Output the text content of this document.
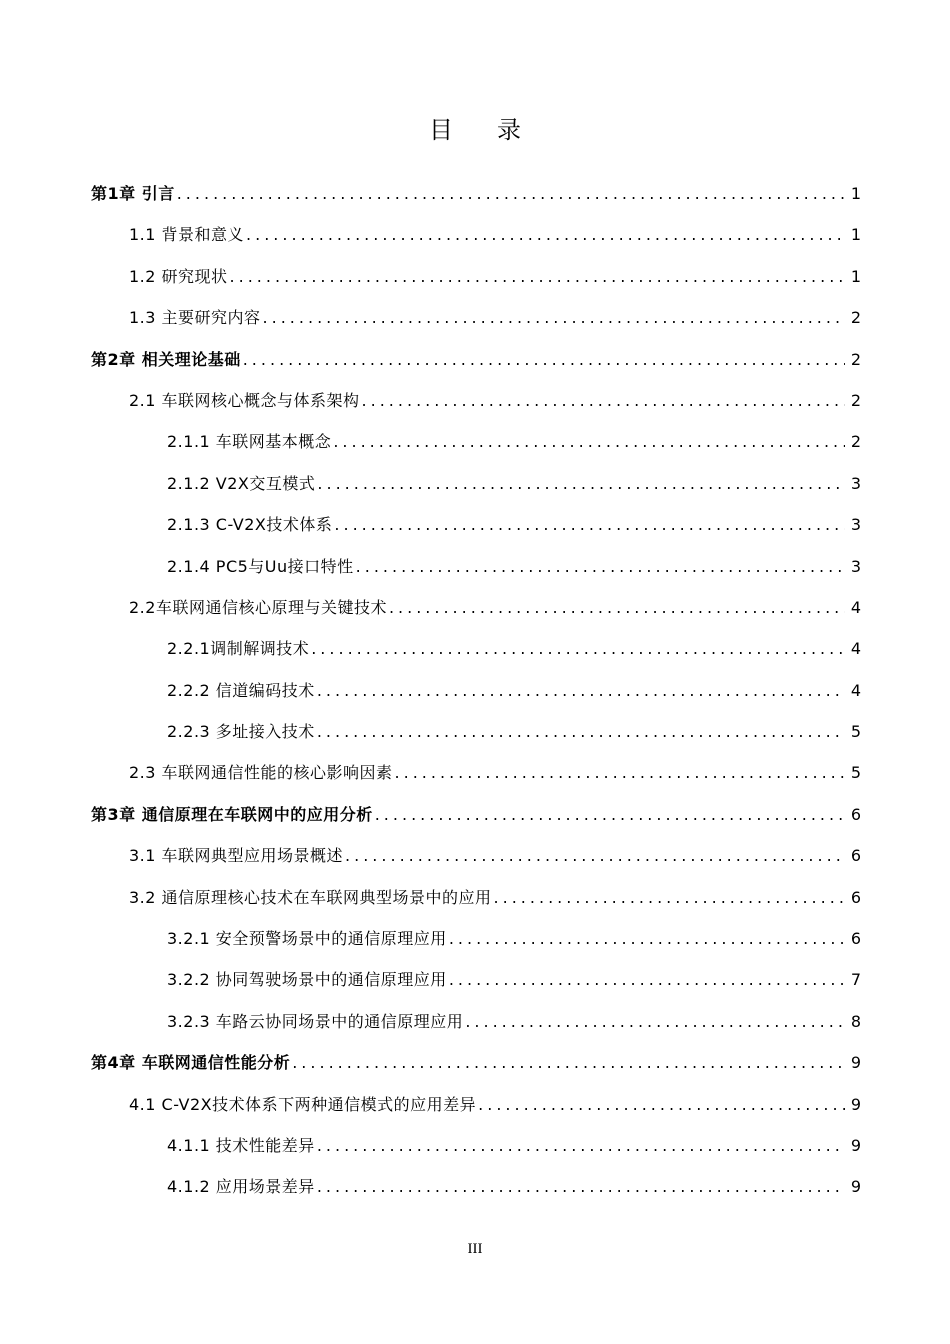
目录
第1章 引言 .....	1
1.1 背景和意义 .....	1
1.2 研究现状 .....	1
1.3 主要研究内容 .....	2
第2章 相关理论基础 .....	2
2.1 车联网核心概念与体系架构 .....	2
2.1.1 车联网基本概念 .....	2
2.1.2 V2X交互模式 .....	3
2.1.3 C-V2X技术体系 .....	3
2.1.4 PC5与Uu接口特性 .....	3
2.2车联网通信核心原理与关键技术 .....	4
2.2.1调制解调技术 .....	4
2.2.2 信道编码技术 .....	4
2.2.3 多址接入技术 .....	5
2.3 车联网通信性能的核心影响因素 .....	5
第3章 通信原理在车联网中的应用分析 .....	6
3.1 车联网典型应用场景概述 .....	6
3.2 通信原理核心技术在车联网典型场景中的应用 .....	6
3.2.1 安全预警场景中的通信原理应用 .....	6
3.2.2 协同驾驶场景中的通信原理应用 .....	7
3.2.3 车路云协同场景中的通信原理应用 .....	8
第4章 车联网通信性能分析 .....	9
4.1 C-V2X技术体系下两种通信模式的应用差异 .....	9
4.1.1 技术性能差异 .....	9
4.1.2 应用场景差异 .....	9
III
